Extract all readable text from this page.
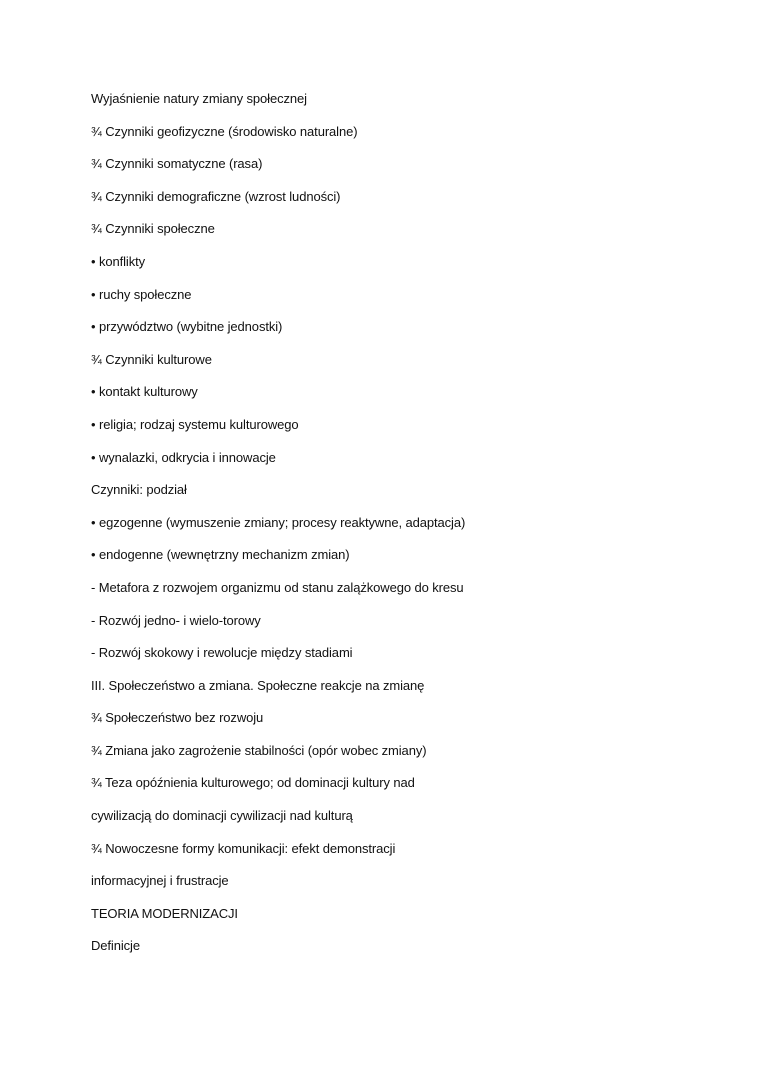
Wyjaśnienie natury zmiany społecznej
¾ Czynniki geofizyczne (środowisko naturalne)
¾ Czynniki somatyczne (rasa)
¾ Czynniki demograficzne (wzrost ludności)
¾ Czynniki społeczne
• konflikty
• ruchy społeczne
• przywództwo (wybitne jednostki)
¾ Czynniki kulturowe
• kontakt kulturowy
• religia; rodzaj systemu kulturowego
• wynalazki, odkrycia i innowacje
Czynniki: podział
• egzogenne (wymuszenie zmiany; procesy reaktywne, adaptacja)
• endogenne (wewnętrzny mechanizm zmian)
- Metafora z rozwojem organizmu od stanu zalążkowego do kresu
- Rozwój jedno- i wielo-torowy
- Rozwój skokowy i rewolucje między stadiami
III. Społeczeństwo a zmiana. Społeczne reakcje na zmianę
¾ Społeczeństwo bez rozwoju
¾ Zmiana jako zagrożenie stabilności (opór wobec zmiany)
¾ Teza opóźnienia kulturowego; od dominacji kultury nad
cywilizacją do dominacji cywilizacji nad kulturą
¾ Nowoczesne formy komunikacji: efekt demonstracji
informacyjnej i frustracje
TEORIA MODERNIZACJI
Definicje
